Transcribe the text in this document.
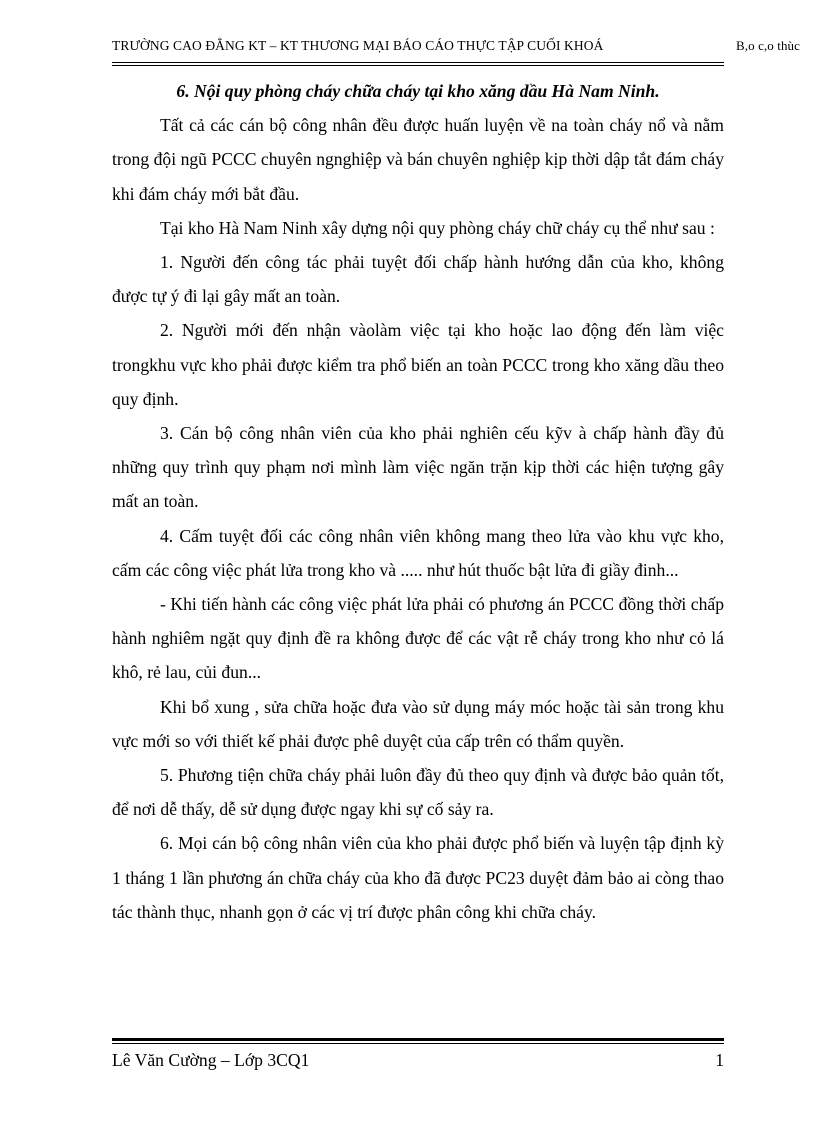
TRƯỜNG CAO ĐẲNG KT – KT THƯƠNG MẠI BÁO CÁO THỰC TẬP CUỐI KHOÁ	B,o c,o thùc

6. Nội quy phòng cháy chữa cháy tại kho xăng dầu Hà Nam Ninh.

Tất cả các cán bộ công nhân đều được huấn luyện về na toàn cháy nổ và nằm trong đội ngũ PCCC chuyên ngnghiệp và bán chuyên nghiệp kịp thời dập tắt đám cháy khi đám cháy mới bắt đầu.

Tại kho Hà Nam Ninh xây dựng nội quy phòng cháy chữ cháy cụ thể như sau :

1. Người đến công tác phải tuyệt đối chấp hành hướng dẫn của kho, không được tự ý đi lại gây mất an toàn.

2. Người mới đến nhận vàolàm việc tại kho hoặc lao động đến làm việc trongkhu vực kho phải được kiểm tra phổ biến an toàn PCCC trong kho xăng dầu theo quy định.

3. Cán bộ công nhân viên của kho phải nghiên cếu kỹv à chấp hành đầy đủ những quy trình quy phạm nơi mình làm việc ngăn trặn kịp thời các hiện tượng gây mất an toàn.

4. Cấm tuyệt đối các công nhân viên không mang theo lửa vào khu vực kho, cấm các công việc phát lửa trong kho và ..... như hút thuốc bật lửa đi giầy đinh...

- Khi tiến hành các công việc phát lửa phải có phương án PCCC đồng thời chấp hành nghiêm ngặt quy định đề ra không được để các vật rễ cháy trong kho như cỏ lá khô, rẻ lau, củi đun...

Khi bổ xung , sửa chữa hoặc đưa vào sử dụng máy móc hoặc tài sản trong khu vực mới so với thiết kế phải được phê duyệt của cấp trên có thẩm quyền.

5. Phương tiện chữa cháy phải luôn đầy đủ theo quy định và được bảo quản tốt, để nơi dễ thấy, dễ sử dụng được ngay khi sự cố sảy ra.

6. Mọi cán bộ công nhân viên của kho phải được phổ biến và luyện tập định kỳ 1 tháng 1 lần phương án chữa cháy của kho đã được PC23 duyệt đảm bảo ai còng thao tác thành thục, nhanh gọn ở các vị trí được phân công khi chữa cháy.

Lê Văn Cường – Lớp 3CQ1	1
